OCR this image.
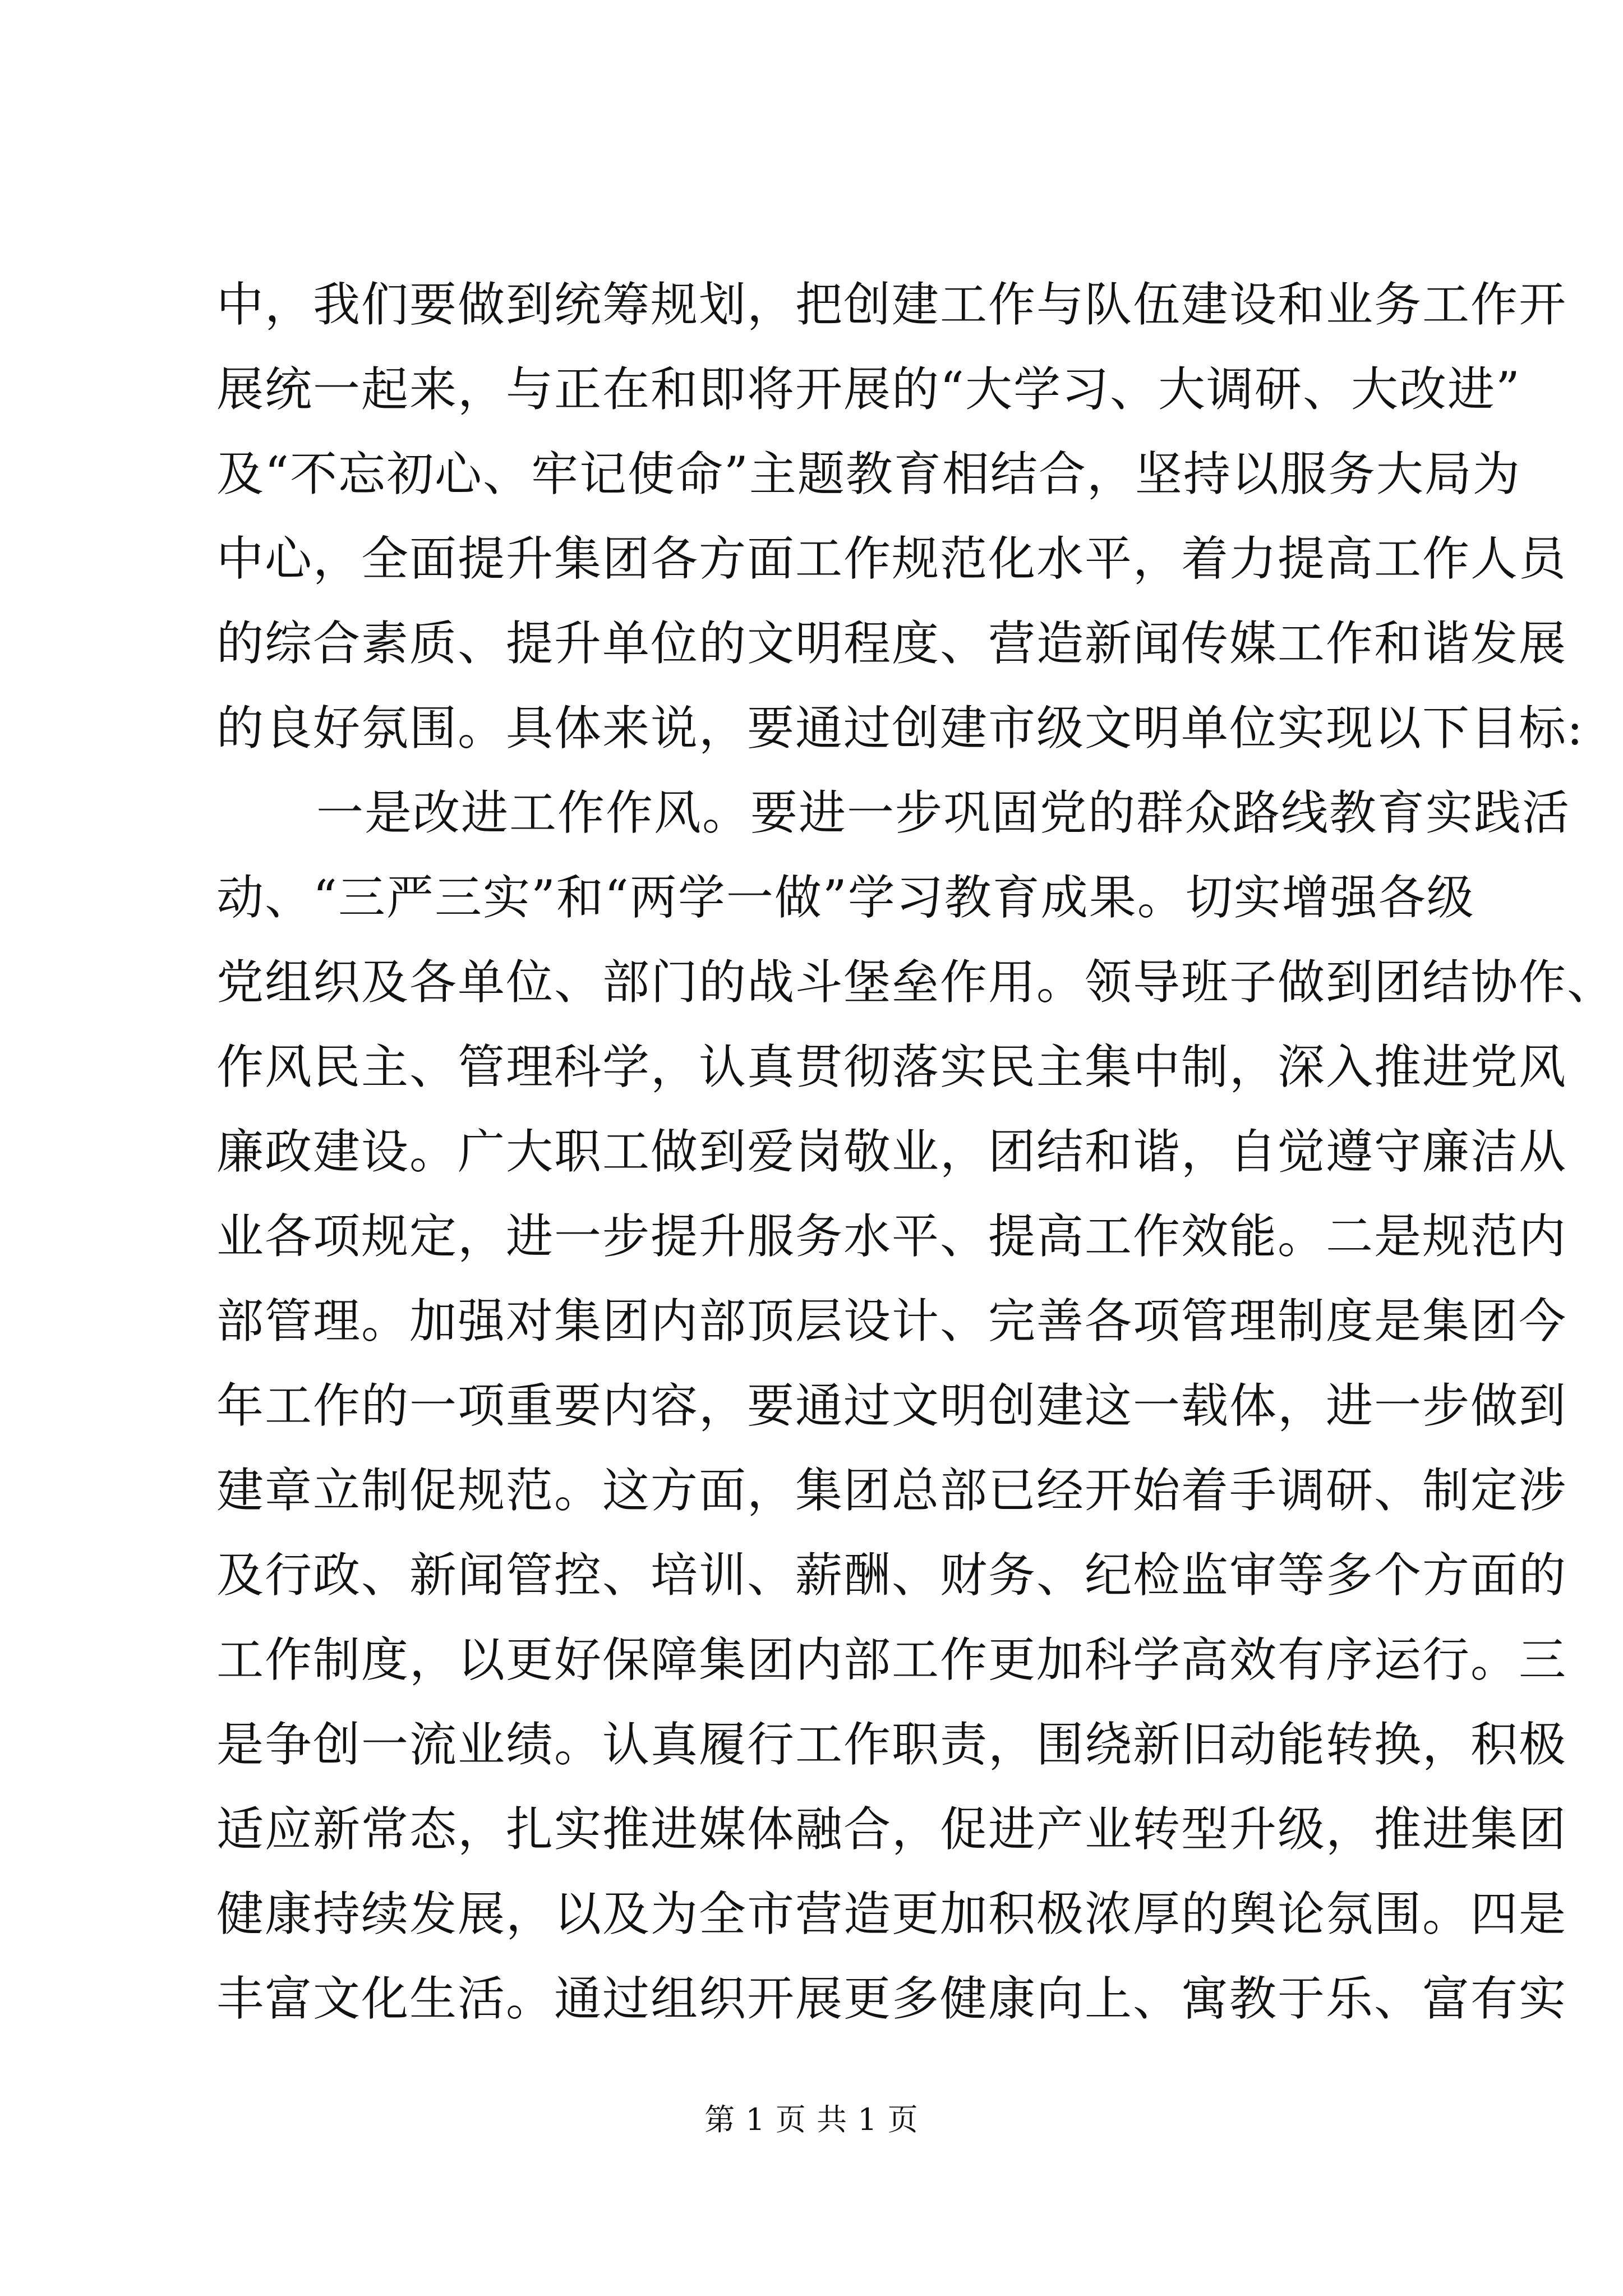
中，我们要做到统筹规划，把创建工作与队伍建设和业务工作开
展统一起来，与正在和即将开展的“大学习、大调研、大改进”
及“不忘初心、牢记使命”主题教育相结合，坚持以服务大局为
中心，全面提升集团各方面工作规范化水平，着力提高工作人员
的综合素质、提升单位的文明程度、营造新闻传媒工作和谐发展
的良好氛围。具体来说，要通过创建市级文明单位实现以下目标:
一是改进工作作风。要进一步巩固党的群众路线教育实践活
动、“三严三实”和“两学一做”学习教育成果。切实增强各级
党组织及各单位、部门的战斗堡垒作用。领导班子做到团结协作、
作风民主、管理科学，认真贯彻落实民主集中制，深入推进党风
廉政建设。广大职工做到爱岗敬业，团结和谐，自觉遵守廉洁从
业各项规定，进一步提升服务水平、提高工作效能。二是规范内
部管理。加强对集团内部顶层设计、完善各项管理制度是集团今
年工作的一项重要内容，要通过文明创建这一载体，进一步做到
建章立制促规范。这方面，集团总部已经开始着手调研、制定涉
及行政、新闻管控、培训、薪酬、财务、纪检监审等多个方面的
工作制度，以更好保障集团内部工作更加科学高效有序运行。三
是争创一流业绩。认真履行工作职责，围绕新旧动能转换，积极
适应新常态，扎实推进媒体融合，促进产业转型升级，推进集团
健康持续发展，以及为全市营造更加积极浓厚的舆论氛围。四是
丰富文化生活。通过组织开展更多健康向上、寓教于乐、富有实
第 1 页 共 1 页
